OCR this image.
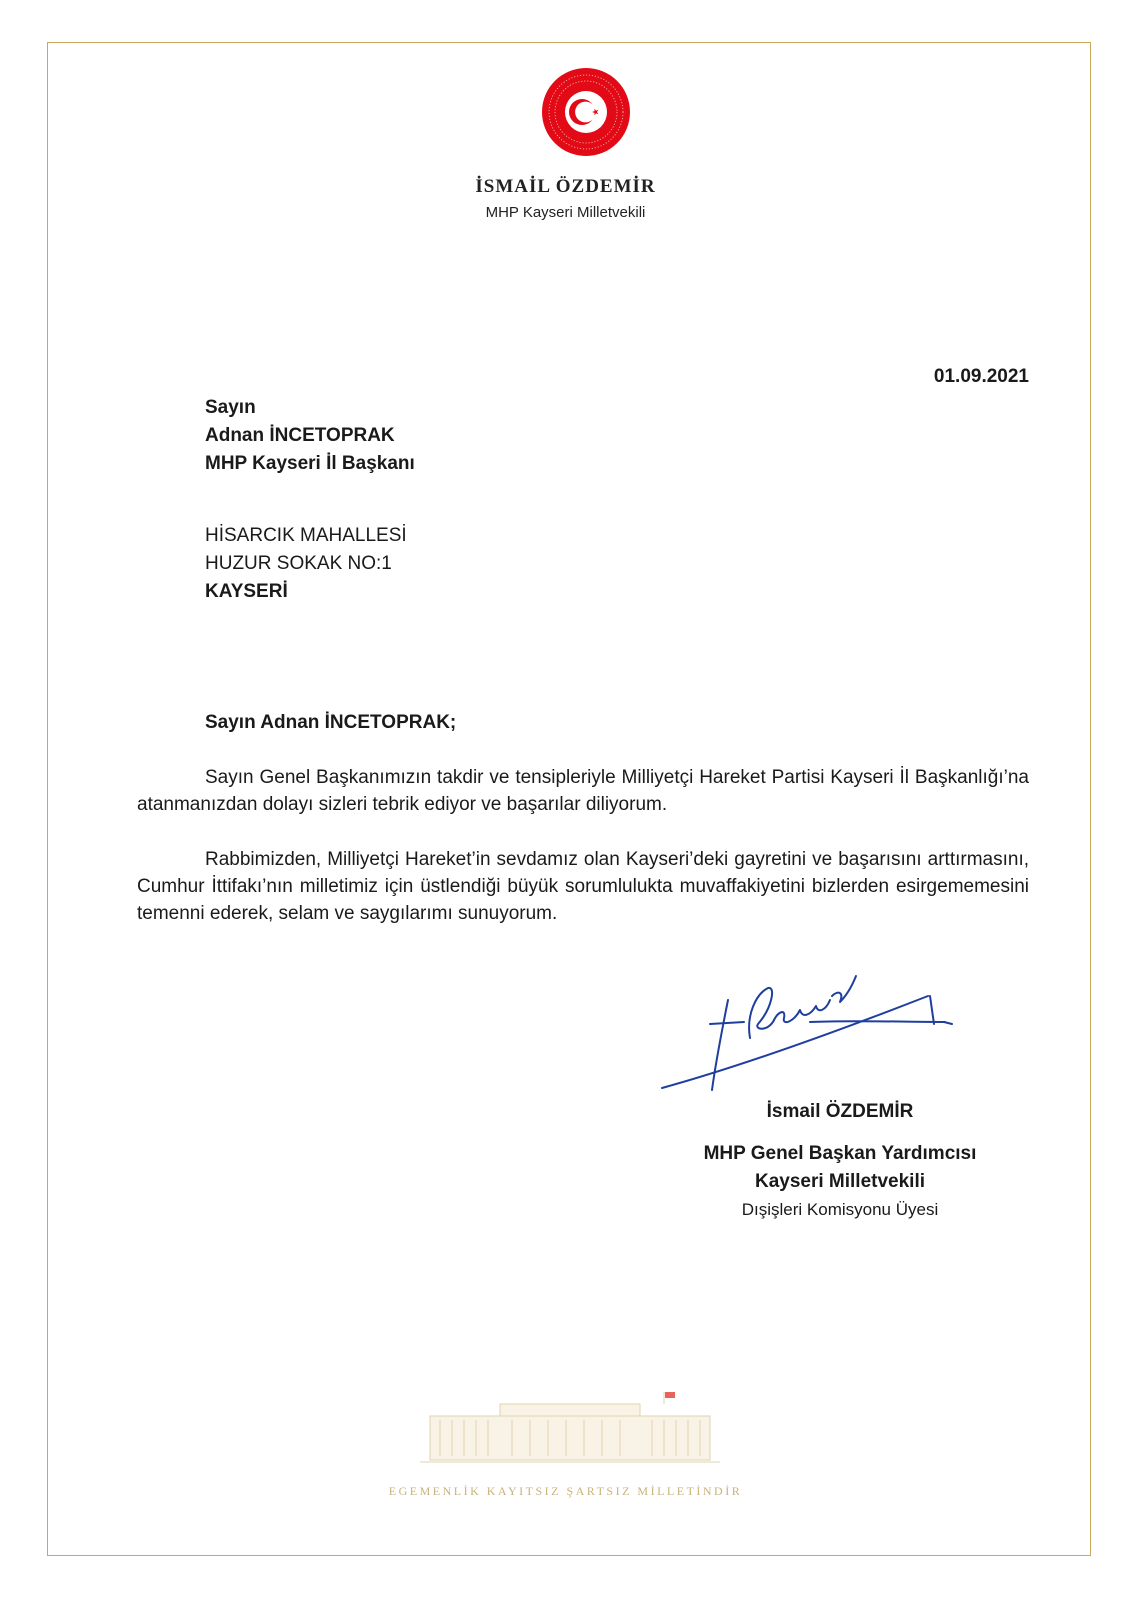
İSMAİL ÖZDEMİR
MHP Kayseri Milletvekili
01.09.2021
Sayın
Adnan İNCETOPRAK
MHP Kayseri İl Başkanı
HİSARCIK MAHALLESİ
HUZUR SOKAK NO:1
KAYSERİ
Sayın Adnan İNCETOPRAK;

Sayın Genel Başkanımızın takdir ve tensipleriyle Milliyetçi Hareket Partisi Kayseri İl Başkanlığı’na atanmanızdan dolayı sizleri tebrik ediyor ve başarılar diliyorum.

Rabbimizden, Milliyetçi Hareket’in sevdamız olan Kayseri’deki gayretini ve başarısını arttırmasını, Cumhur İttifakı’nın milletimiz için üstlendiği büyük sorumlulukta muvaffakiyetini bizlerden esirgememesini temenni ederek, selam ve saygılarımı sunuyorum.

İsmail ÖZDEMİR
MHP Genel Başkan Yardımcısı
Kayseri Milletvekili
Dışişleri Komisyonu Üyesi
EGEMENLİK KAYITSIZ ŞARTSIZ MİLLETİNDİR
